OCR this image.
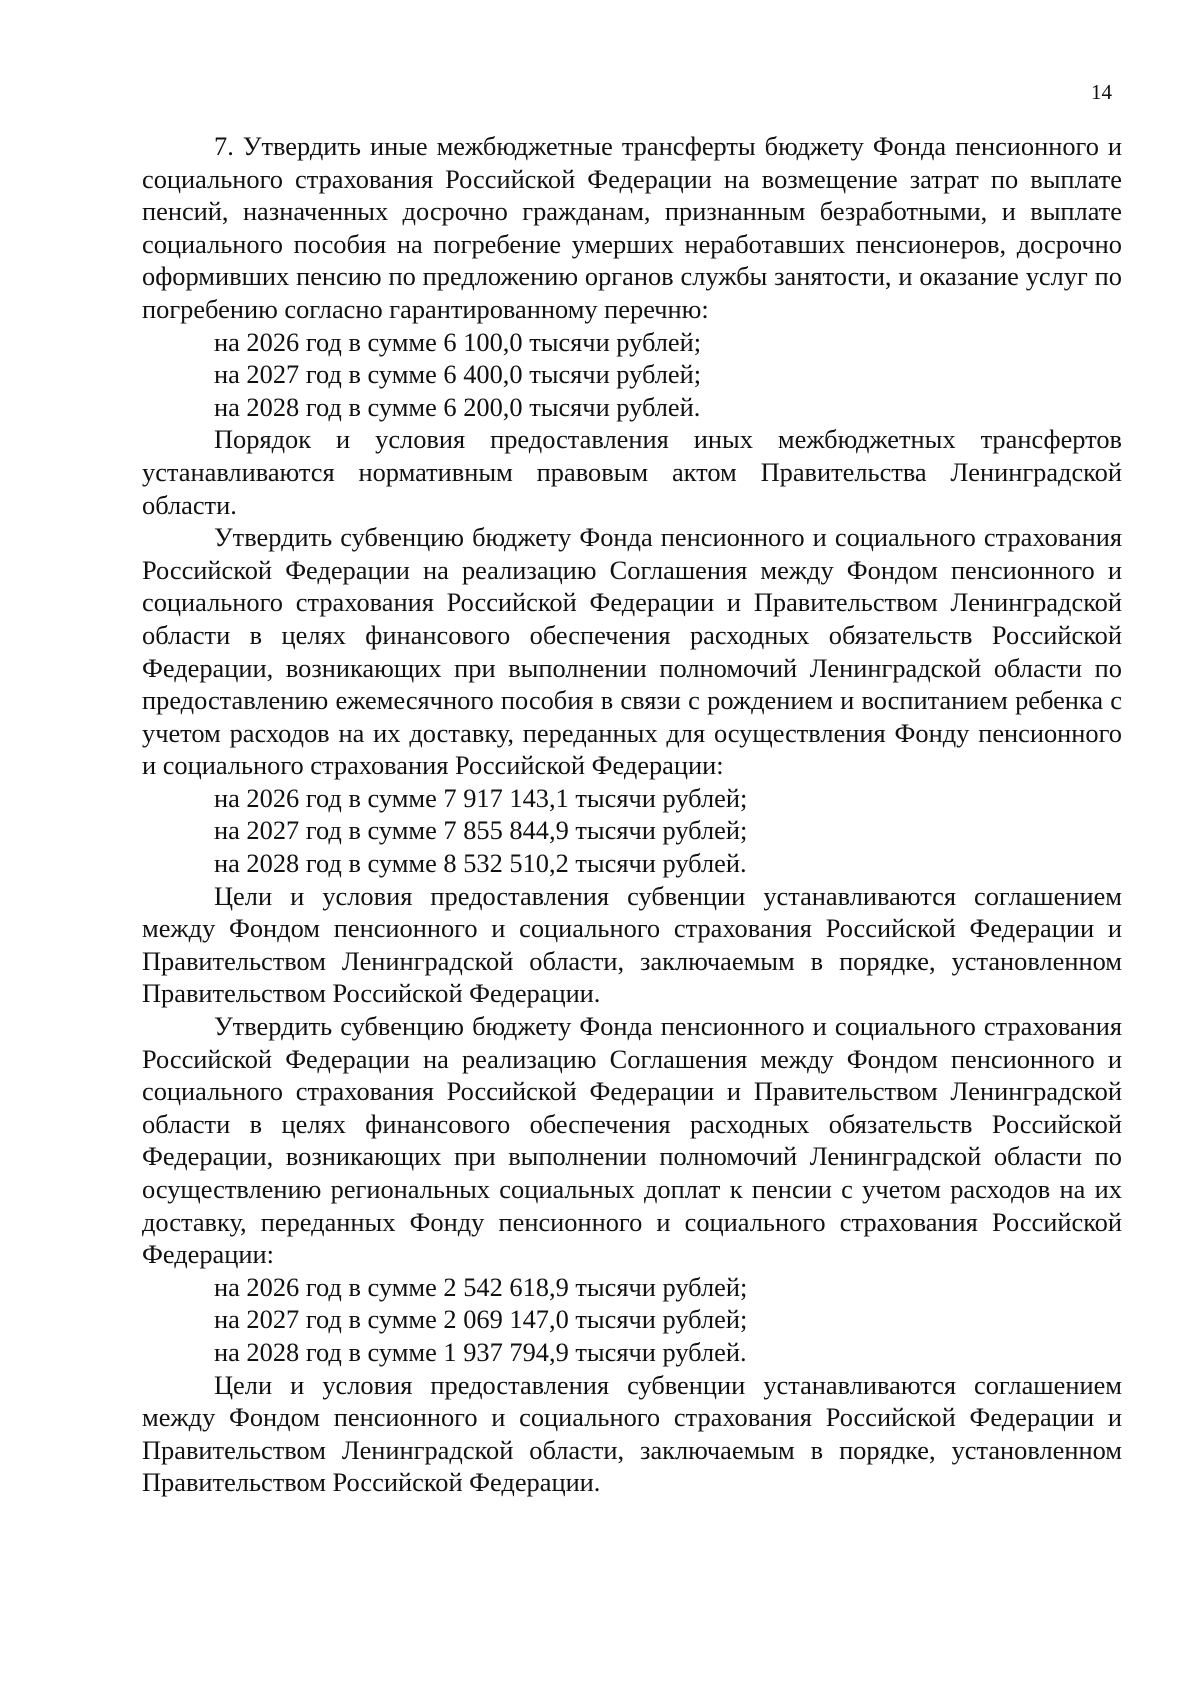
14

7. Утвердить иные межбюджетные трансферты бюджету Фонда пенсионного и социального страхования Российской Федерации на возмещение затрат по выплате пенсий, назначенных досрочно гражданам, признанным безработными, и выплате социального пособия на погребение умерших неработавших пенсионеров, досрочно оформивших пенсию по предложению органов службы занятости, и оказание услуг по погребению согласно гарантированному перечню:

на 2026 год в сумме 6 100,0 тысячи рублей;

на 2027 год в сумме 6 400,0 тысячи рублей;

на 2028 год в сумме 6 200,0 тысячи рублей.

Порядок и условия предоставления иных межбюджетных трансфертов устанавливаются нормативным правовым актом Правительства Ленинградской области.

Утвердить субвенцию бюджету Фонда пенсионного и социального страхования Российской Федерации на реализацию Соглашения между Фондом пенсионного и социального страхования Российской Федерации и Правительством Ленинградской области в целях финансового обеспечения расходных обязательств Российской Федерации, возникающих при выполнении полномочий Ленинградской области по предоставлению ежемесячного пособия в связи с рождением и воспитанием ребенка с учетом расходов на их доставку, переданных для осуществления Фонду пенсионного и социального страхования Российской Федерации:

на 2026 год в сумме 7 917 143,1 тысячи рублей;

на 2027 год в сумме 7 855 844,9 тысячи рублей;

на 2028 год в сумме 8 532 510,2 тысячи рублей.

Цели и условия предоставления субвенции устанавливаются соглашением между Фондом пенсионного и социального страхования Российской Федерации и Правительством Ленинградской области, заключаемым в порядке, установленном Правительством Российской Федерации.

Утвердить субвенцию бюджету Фонда пенсионного и социального страхования Российской Федерации на реализацию Соглашения между Фондом пенсионного и социального страхования Российской Федерации и Правительством Ленинградской области в целях финансового обеспечения расходных обязательств Российской Федерации, возникающих при выполнении полномочий Ленинградской области по осуществлению региональных социальных доплат к пенсии с учетом расходов на их доставку, переданных Фонду пенсионного и социального страхования Российской Федерации:

на 2026 год в сумме 2 542 618,9 тысячи рублей;

на 2027 год в сумме 2 069 147,0 тысячи рублей;

на 2028 год в сумме 1 937 794,9 тысячи рублей.

Цели и условия предоставления субвенции устанавливаются соглашением между Фондом пенсионного и социального страхования Российской Федерации и Правительством Ленинградской области, заключаемым в порядке, установленном Правительством Российской Федерации.
